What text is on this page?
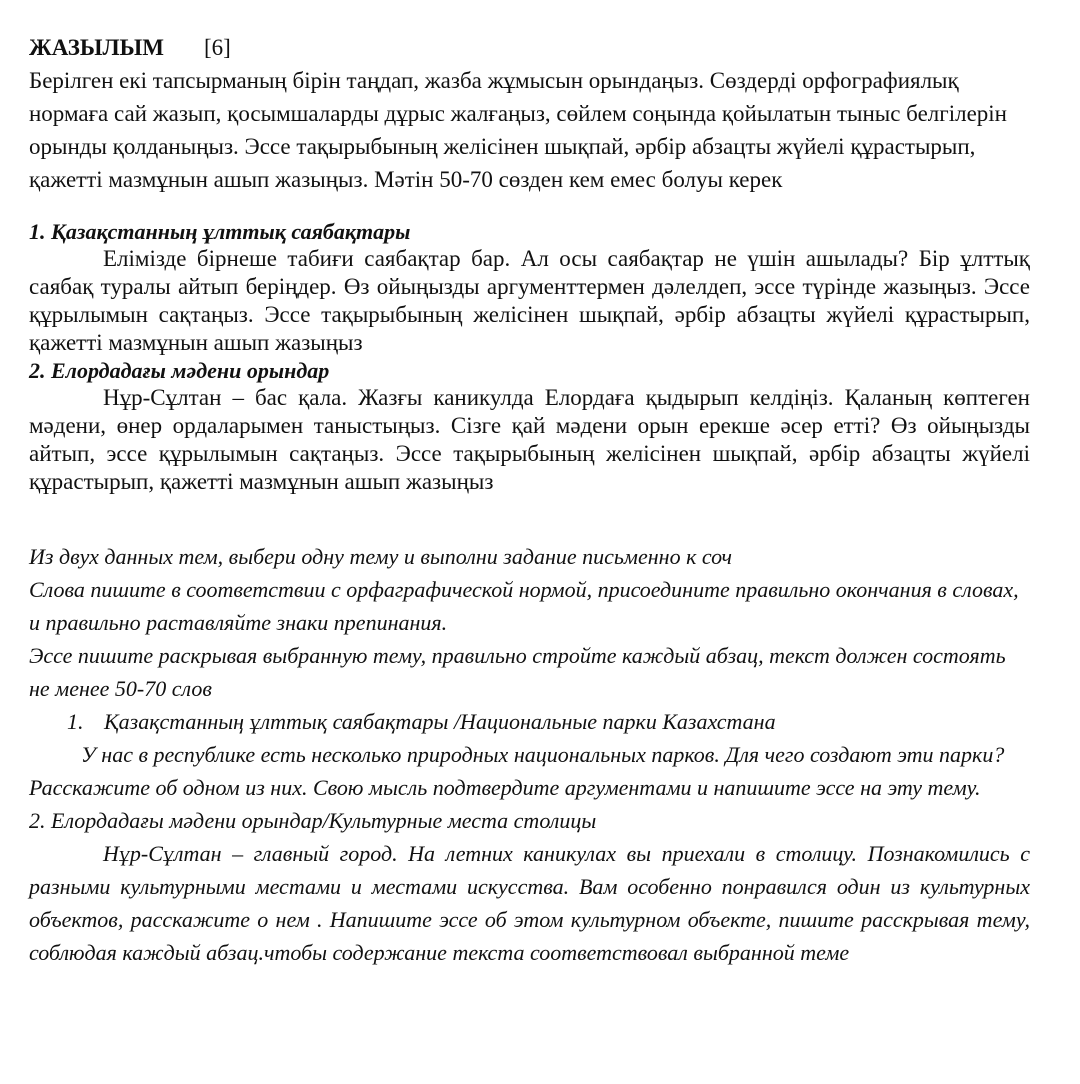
ЖАЗЫЛЫМ [6]

Берілген екі тапсырманың бірін таңдап, жазба жұмысын орындаңыз. Сөздерді орфографиялық нормаға сай жазып, қосымшаларды дұрыс жалғаңыз, сөйлем соңында қойылатын тыныс белгілерін орынды қолданыңыз. Эссе тақырыбының желісінен шықпай, әрбір абзацты жүйелі құрастырып, қажетті мазмұнын ашып жазыңыз. Мәтін 50-70 сөзден кем емес болуы керек

1. Қазақстанның ұлттық саябақтары

Елімізде бірнеше табиғи саябақтар бар. Ал осы саябақтар не үшін ашылады? Бір ұлттық саябақ туралы айтып беріңдер. Өз ойыңызды аргументтермен дәлелдеп, эссе түрінде жазыңыз. Эссе құрылымын сақтаңыз. Эссе тақырыбының желісінен шықпай, әрбір абзацты жүйелі құрастырып, қажетті мазмұнын ашып жазыңыз

2. Елордадағы мәдени орындар

Нұр-Сұлтан – бас қала. Жазғы каникулда Елордаға қыдырып келдіңіз. Қаланың көптеген мәдени, өнер ордаларымен таныстыңыз. Сізге қай мәдени орын ерекше әсер етті? Өз ойыңызды айтып, эссе құрылымын сақтаңыз. Эссе тақырыбының желісінен шықпай, әрбір абзацты жүйелі құрастырып, қажетті мазмұнын ашып жазыңыз

Из двух данных тем, выбери одну тему и выполни задание письменно к соч

Слова пишите в соответствии с орфаграфической нормой, присоедините правильно окончания в словах, и правильно раставляйте знаки препинания.

Эссе пишите раскрывая выбранную тему, правильно стройте каждый абзац, текст должен состоять не менее 50-70 слов

1. Қазақстанның ұлттық саябақтары /Национальные парки Казахстана

У нас в республике есть несколько природных национальных парков. Для чего создают эти парки? Расскажите об одном из них. Свою мысль подтвердите аргументами и напишите эссе на эту тему.

2. Елордадағы мәдени орындар/Культурные места столицы

Нұр-Сұлтан – главный город. На летних каникулах вы приехали в столицу. Познакомились с разными культурными местами и местами искусства. Вам особенно понравился один из культурных объектов, расскажите о нем . Напишите эссе об этом культурном объекте, пишите расскрывая тему, соблюдая каждый абзац.чтобы содержание текста соответствовал выбранной теме
